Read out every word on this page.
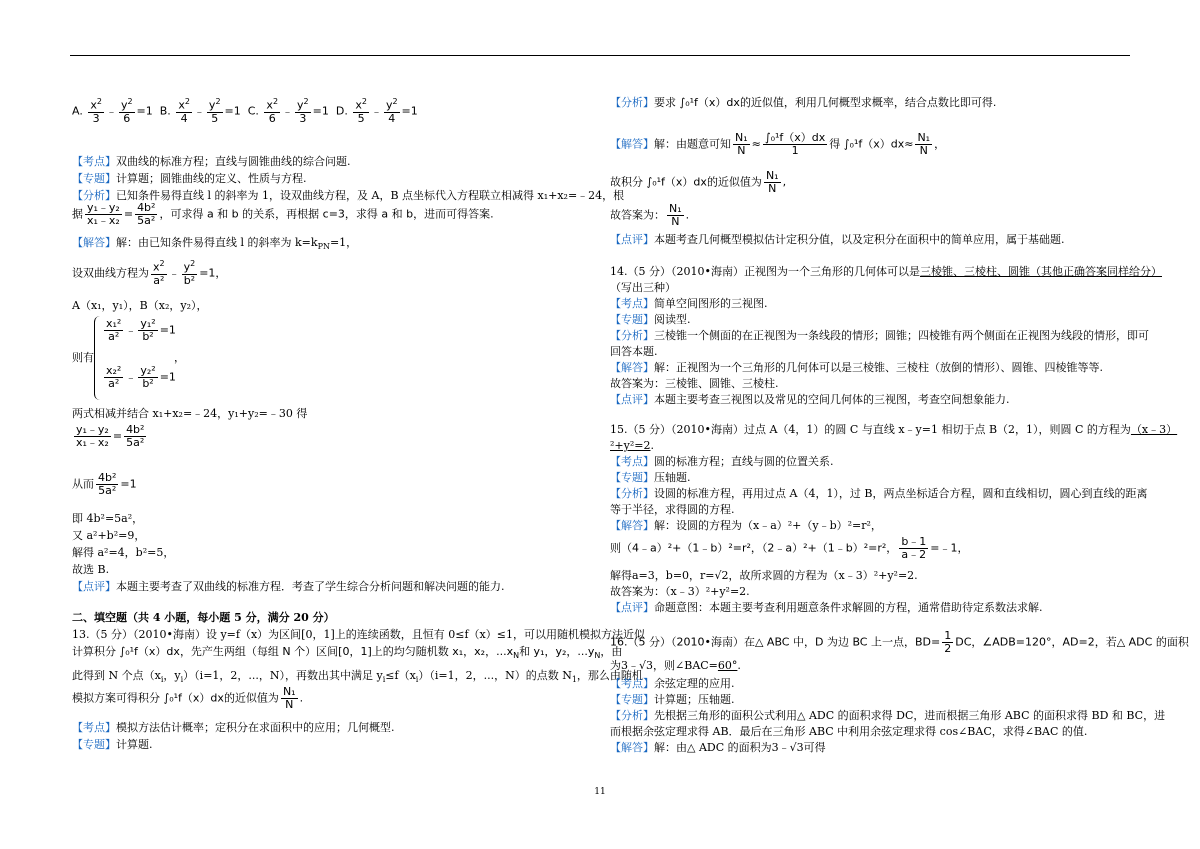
A. $\frac{x^2}{3}$ ﹣ $\frac{y^2}{6} =1$  B. $\frac{x^2}{4}$ ﹣ $\frac{y^2}{5} =1$  C. $\frac{x^2}{6}$ ﹣ $\frac{y^2}{3} =1$  D. $\frac{x^2}{5}$ ﹣ $\frac{y^2}{4} =1$
【考点】双曲线的标准方程；直线与圆锥曲线的综合问题.
【专题】计算题；圆锥曲线的定义、性质与方程.
【分析】已知条件易得直线 l 的斜率为 1，设双曲线方程，及 A，B 点坐标代入方程联立相减得 x₁+x₂=﹣24，根
据 $\frac{\text{y₁﹣y₂}}{\text{x₁﹣x₂}} = \frac{\text{4b²}}{\text{5a²}}$ ，可求得 a 和 b 的关系，再根据 c=3，求得 a 和 b，进而可得答案.
【解答】解：由已知条件易得直线 l 的斜率为 $k=k_{PN}=1$，
设双曲线方程为 $\frac{x^2}{\text{a²}}$ ﹣ $\frac{y^2}{\text{b²}} =1$，
A（x₁，y₁），B（x₂，y₂），
$\frac{\text{x₁²}}{\text{a²}}$ ﹣ $\frac{\text{y₁²}}{\text{b²}} =1$
则有	，
$\frac{\text{x₂²}}{\text{a²}}$ ﹣ $\frac{\text{y₂²}}{\text{b²}} =1$
两式相减并结合 x₁+x₂=﹣24，y₁+y₂=﹣30 得
$\frac{\text{y₁﹣y₂}}{\text{x₁﹣x₂}} = \frac{\text{4b²}}{\text{5a²}}$
从而 $\frac{\text{4b²}}{\text{5a²}} =1$
即 4b²=5a²，
又 a²+b²=9，
解得 a²=4，b²=5，
故选 B.
【点评】本题主要考查了双曲线的标准方程．考查了学生综合分析问题和解决问题的能力.
二、填空题（共 4 小题，每小题 5 分，满分 20 分）
13.（5 分）（2010•海南）设 y=f（x）为区间[0，1]上的连续函数，且恒有 0≤f（x）≤1，可以用随机模拟方法近似
计算积分 ∫₀¹f（x）dx，先产生两组（每组 N 个）区间[0，1]上的均匀随机数 x₁，x₂，$...x_N$和 y₁，y₂，$...y_N$，由
此得到 N 个点（$x_i$，$y_i)(i=1$，2，...，N），再数出其中满足 $y_i\le f(x_i)(i=1$，2，...，N）的点数 $N_1$，那么由随机
模拟方案可得积分 ∫₀¹f（x）dx的近似值为 $\frac{\text{N₁}}{N}$ .
【考点】模拟方法估计概率；定积分在求面积中的应用；几何概型.
【专题】计算题.
【分析】要求 ∫₀¹f（x）dx的近似值，利用几何概型求概率，结合点数比即可得.
【解答】解：由题意可知 $\frac{\text{N₁}}{N} \approx \frac{\text{∫₀¹f（x）dx}}{1}$ 得 $\int_0^1f(x)dx\approx \frac{\text{N₁}}{N}$ ，
故积分 ∫₀¹f（x）dx的近似值为 $\frac{\text{N₁}}{N}$ ,
故答案为： $\frac{\text{N₁}}{N}$ .
【点评】本题考查几何概型模拟估计定积分值，以及定积分在面积中的简单应用，属于基础题.
14.（5 分）（2010•海南）正视图为一个三角形的几何体可以是三棱锥、三棱柱、圆锥（其他正确答案同样给分）
（写出三种）
【考点】简单空间图形的三视图.
【专题】阅读型.
【分析】三棱锥一个侧面的在正视图为一条线段的情形；圆锥；四棱锥有两个侧面在正视图为线段的情形，即可
回答本题.
【解答】解：正视图为一个三角形的几何体可以是三棱锥、三棱柱（放倒的情形）、圆锥、四棱锥等等.
故答案为：三棱锥、圆锥、三棱柱.
【点评】本题主要考查三视图以及常见的空间几何体的三视图，考查空间想象能力.
15.（5 分）（2010•海南）过点 A（4，1）的圆 C 与直线 x﹣y=1 相切于点 B（2，1），则圆 C 的方程为（x﹣3）
²+y²=2.
【考点】圆的标准方程；直线与圆的位置关系.
【专题】压轴题.
【分析】设圆的标准方程，再用过点 A（4，1），过 B，两点坐标适合方程，圆和直线相切，圆心到直线的距离
等于半径，求得圆的方程.
【解答】解：设圆的方程为（x﹣a）²+（y﹣b）²=r²，
则（4﹣a）²+（1﹣b）²=r²，（2﹣a）²+（1﹣b）²=r²， $\frac{b﹣1}{a﹣2}$ =﹣1，
解得a=3，b=0，r=√2，故所求圆的方程为（x﹣3）²+y²=2.
故答案为：（x﹣3）²+y²=2.
【点评】命题意图：本题主要考查利用题意条件求解圆的方程，通常借助待定系数法求解.
16.（5 分）（2010•海南）在△ ABC 中，D 为边 BC 上一点，$BD= \frac{1}{2}$ DC，∠ADB=120°，AD=2，若△ ADC 的面积
为3﹣√3，则∠BAC=60°.
【考点】余弦定理的应用.
【专题】计算题；压轴题.
【分析】先根据三角形的面积公式利用△ ADC 的面积求得 DC，进而根据三角形 ABC 的面积求得 BD 和 BC，进
而根据余弦定理求得 AB．最后在三角形 ABC 中利用余弦定理求得 cos∠BAC，求得∠BAC 的值.
【解答】解：由△ ADC 的面积为3﹣√3可得
11
